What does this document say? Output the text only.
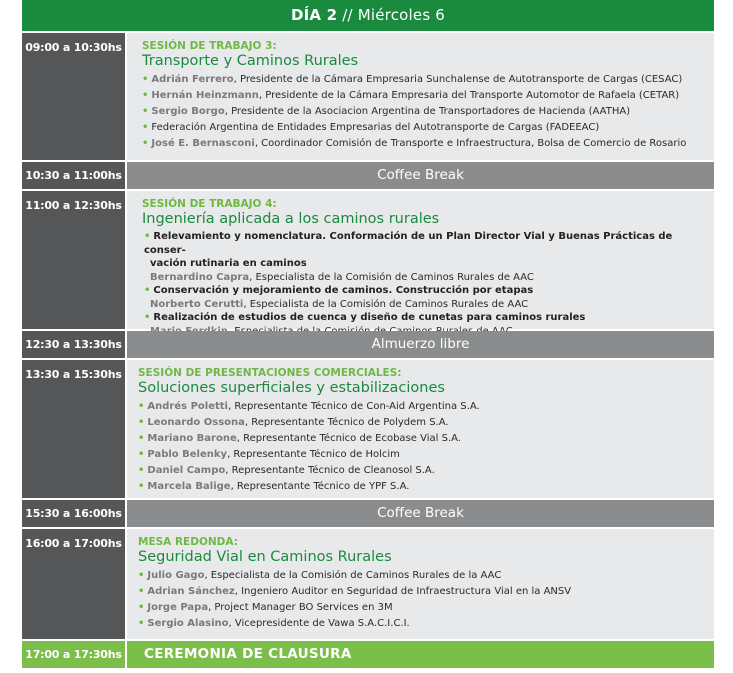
DÍA 2 // Miércoles 6
09:00 a 10:30hs	SESIÓN DE TRABAJO 3:
Transporte y Caminos Rurales
• Adrián Ferrero, Presidente de la Cámara Empresaria Sunchalense de Autotransporte de Cargas (CESAC)
• Hernán Heinzmann, Presidente de la Cámara Empresaria del Transporte Automotor de Rafaela (CETAR)
• Sergio Borgo, Presidente de la Asociacion Argentina de Transportadores de Hacienda (AATHA)
• Federación Argentina de Entidades Empresarias del Autotransporte de Cargas (FADEEAC)
• José E. Bernasconi, Coordinador Comisión de Transporte e Infraestructura, Bolsa de Comercio de Rosario
10:30 a 11:00hs	Coffee Break
11:00 a 12:30hs	SESIÓN DE TRABAJO 4:
Ingeniería aplicada a los caminos rurales
• Relevamiento y nomenclatura. Conformación de un Plan Director Vial y Buenas Prácticas de conser-
vación rutinaria en caminos
Bernardino Capra, Especialista de la Comisión de Caminos Rurales de AAC
• Conservación y mejoramiento de caminos. Construcción por etapas
Norberto Cerutti, Especialista de la Comisión de Caminos Rurales de AAC
• Realización de estudios de cuenca y diseño de cunetas para caminos rurales
12:30 a 13:30hs	Almuerzo libre
13:30 a 15:30hs	SESIÓN DE PRESENTACIONES COMERCIALES:
Soluciones superficiales y estabilizaciones
• Andrés Poletti, Representante Técnico de Con-Aid Argentina S.A.
• Leonardo Ossona, Representante Técnico de Polydem S.A.
• Mariano Barone, Representante Técnico de Ecobase Vial S.A.
• Pablo Belenky, Representante Técnico de Holcim
• Daniel Campo, Representante Técnico de Cleanosol S.A.
• Marcela Balige, Representante Técnico de YPF S.A.
15:30 a 16:00hs	Coffee Break
16:00 a 17:00hs	MESA REDONDA:
Seguridad Vial en Caminos Rurales
• Julio Gago, Especialista de la Comisión de Caminos Rurales de la AAC
• Adrian Sánchez, Ingeniero Auditor en Seguridad de Infraestructura Vial en la ANSV
• Jorge Papa, Project Manager BO Services en 3M
• Sergio Alasino, Vicepresidente de Vawa S.A.C.I.C.I.
17:00 a 17:30hs	CEREMONIA DE CLAUSURA
